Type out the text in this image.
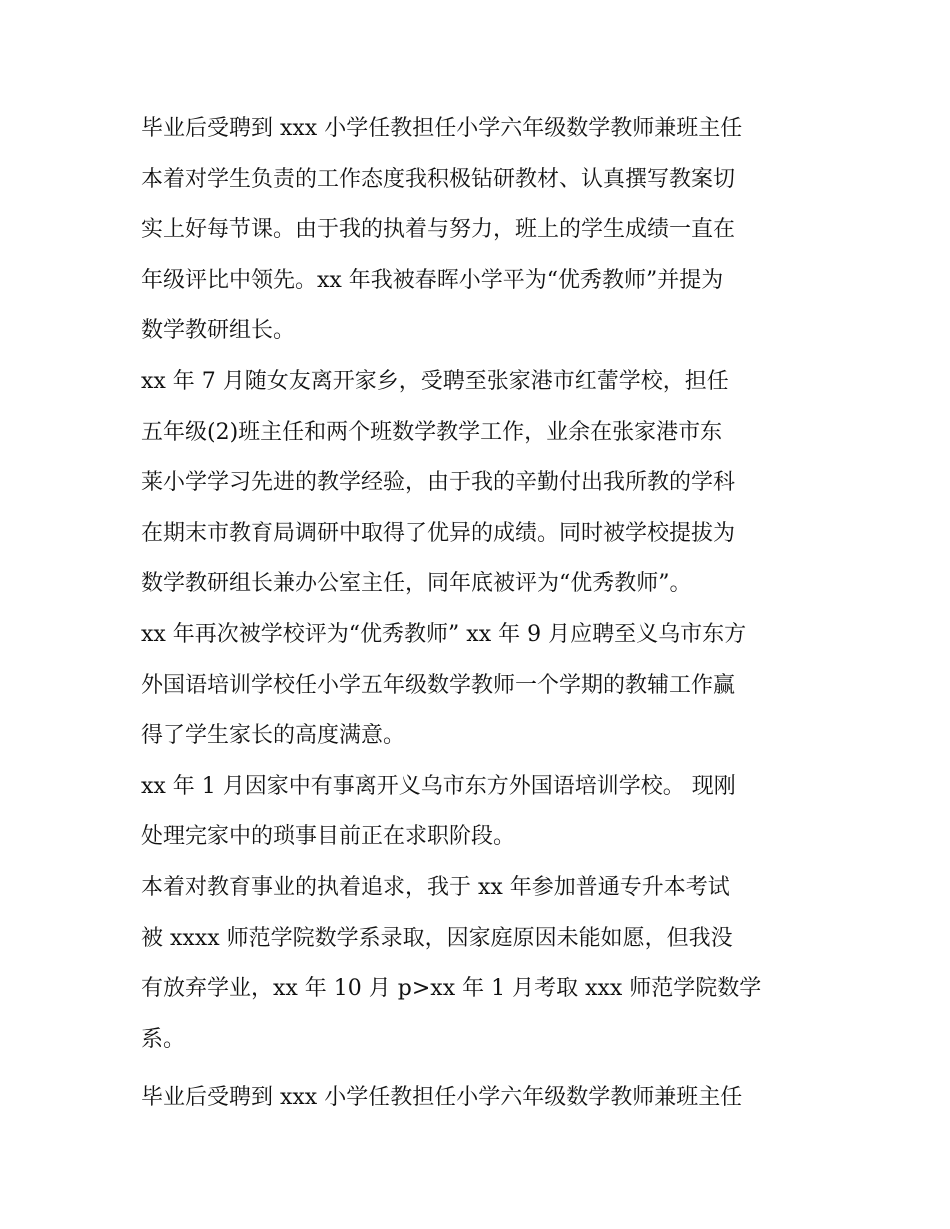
毕业后受聘到 xxx 小学任教担任小学六年级数学教师兼班主任

本着对学生负责的工作态度我积极钻研教材、认真撰写教案切

实上好每节课。由于我的执着与努力，班上的学生成绩一直在

年级评比中领先。xx 年我被春晖小学平为“优秀教师”并提为

数学教研组长。

xx 年 7 月随女友离开家乡，受聘至张家港市红蕾学校，担任

五年级(2)班主任和两个班数学教学工作，业余在张家港市东

莱小学学习先进的教学经验，由于我的辛勤付出我所教的学科

在期末市教育局调研中取得了优异的成绩。同时被学校提拔为

数学教研组长兼办公室主任，同年底被评为“优秀教师”。

xx 年再次被学校评为“优秀教师” xx 年 9 月应聘至义乌市东方

外国语培训学校任小学五年级数学教师一个学期的教辅工作赢

得了学生家长的高度满意。

xx 年 1 月因家中有事离开义乌市东方外国语培训学校。 现刚

处理完家中的琐事目前正在求职阶段。

本着对教育事业的执着追求，我于 xx 年参加普通专升本考试

被 xxxx 师范学院数学系录取，因家庭原因未能如愿，但我没

有放弃学业，xx 年 10 月 p>xx 年 1 月考取 xxx 师范学院数学

系。

毕业后受聘到 xxx 小学任教担任小学六年级数学教师兼班主任
